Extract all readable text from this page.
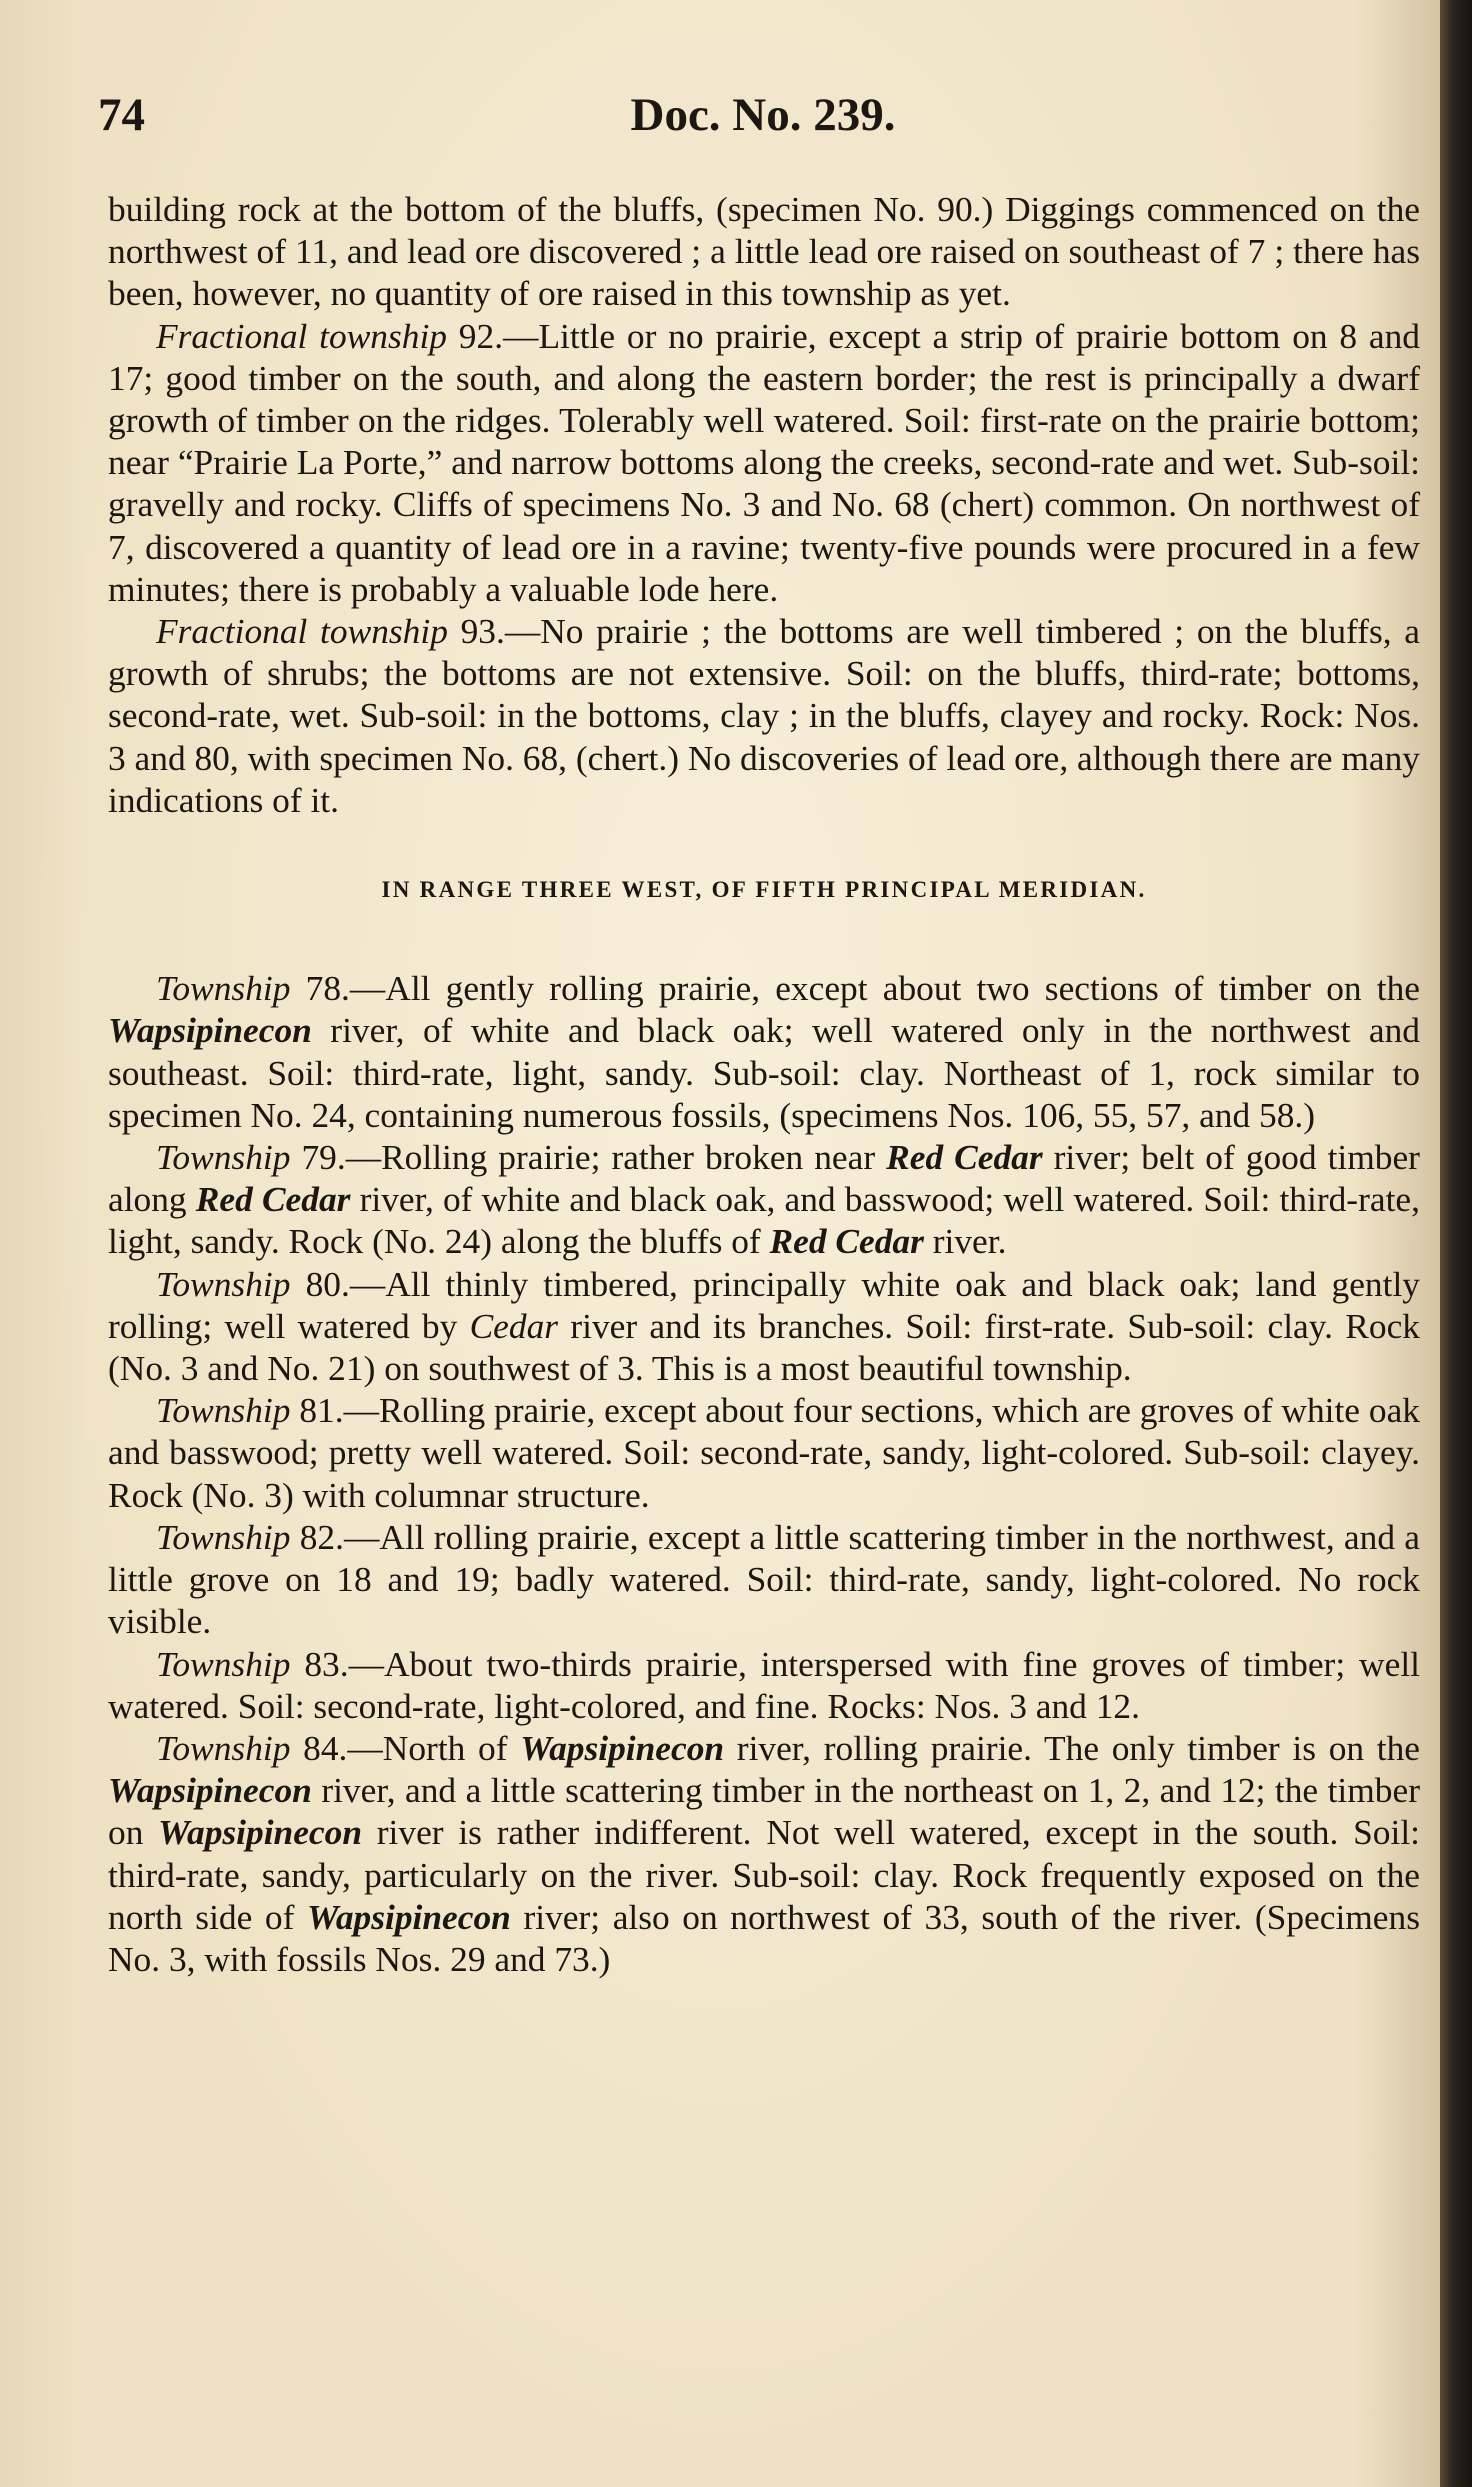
74	Doc. No. 239.

building rock at the bottom of the bluffs, (specimen No. 90.) Diggings commenced on the northwest of 11, and lead ore discovered ; a little lead ore raised on southeast of 7 ; there has been, however, no quantity of ore raised in this township as yet.

Fractional township 92.—Little or no prairie, except a strip of prairie bottom on 8 and 17; good timber on the south, and along the eastern border; the rest is principally a dwarf growth of timber on the ridges. Tolerably well watered. Soil: first-rate on the prairie bottom; near “Prairie La Porte,” and narrow bottoms along the creeks, second-rate and wet. Sub-soil: gravelly and rocky. Cliffs of specimens No. 3 and No. 68 (chert) common. On northwest of 7, discovered a quantity of lead ore in a ravine; twenty-five pounds were procured in a few minutes; there is probably a valuable lode here.

Fractional township 93.—No prairie ; the bottoms are well timbered ; on the bluffs, a growth of shrubs; the bottoms are not extensive. Soil: on the bluffs, third-rate; bottoms, second-rate, wet. Sub-soil: in the bottoms, clay ; in the bluffs, clayey and rocky. Rock: Nos. 3 and 80, with specimen No. 68, (chert.) No discoveries of lead ore, although there are many indications of it.

IN RANGE THREE WEST, OF FIFTH PRINCIPAL MERIDIAN.

Township 78.—All gently rolling prairie, except about two sections of timber on the Wapsipinecon river, of white and black oak; well watered only in the northwest and southeast. Soil: third-rate, light, sandy. Sub-soil: clay. Northeast of 1, rock similar to specimen No. 24, containing numerous fossils, (specimens Nos. 106, 55, 57, and 58.)

Township 79.—Rolling prairie; rather broken near Red Cedar river; belt of good timber along Red Cedar river, of white and black oak, and basswood; well watered. Soil: third-rate, light, sandy. Rock (No. 24) along the bluffs of Red Cedar river.

Township 80.—All thinly timbered, principally white oak and black oak; land gently rolling; well watered by Cedar river and its branches. Soil: first-rate. Sub-soil: clay. Rock (No. 3 and No. 21) on southwest of 3. This is a most beautiful township.

Township 81.—Rolling prairie, except about four sections, which are groves of white oak and basswood; pretty well watered. Soil: second-rate, sandy, light-colored. Sub-soil: clayey. Rock (No. 3) with columnar structure.

Township 82.—All rolling prairie, except a little scattering timber in the northwest, and a little grove on 18 and 19; badly watered. Soil: third-rate, sandy, light-colored. No rock visible.

Township 83.—About two-thirds prairie, interspersed with fine groves of timber; well watered. Soil: second-rate, light-colored, and fine. Rocks: Nos. 3 and 12.

Township 84.—North of Wapsipinecon river, rolling prairie. The only timber is on the Wapsipinecon river, and a little scattering timber in the northeast on 1, 2, and 12; the timber on Wapsipinecon river is rather indifferent. Not well watered, except in the south. Soil: third-rate, sandy, particularly on the river. Sub-soil: clay. Rock frequently exposed on the north side of Wapsipinecon river; also on northwest of 33, south of the river. (Specimens No. 3, with fossils Nos. 29 and 73.)
